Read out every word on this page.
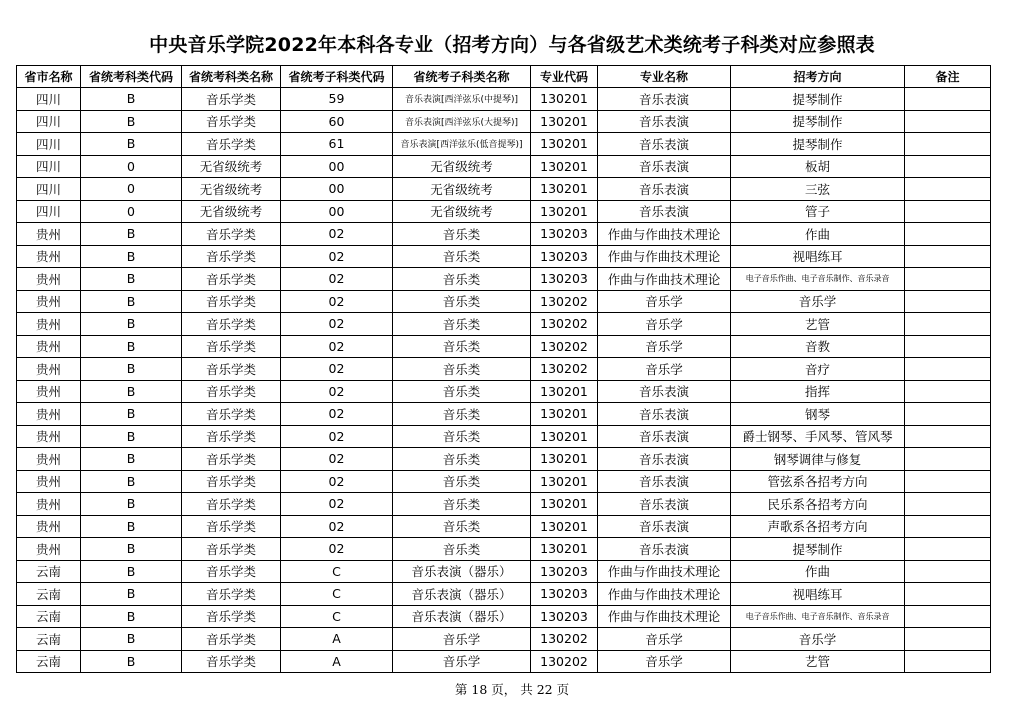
中央音乐学院2022年本科各专业（招考方向）与各省级艺术类统考子科类对应参照表
省市名称	省统考科类代码	省统考科类名称	省统考子科类代码	省统考子科类名称	专业代码	专业名称	招考方向	备注
四川	B	音乐学类	59	音乐表演[西洋弦乐(中提琴)]	130201	音乐表演	提琴制作	
四川	B	音乐学类	60	音乐表演[西洋弦乐(大提琴)]	130201	音乐表演	提琴制作	
四川	B	音乐学类	61	音乐表演[西洋弦乐(低音提琴)]	130201	音乐表演	提琴制作	
四川	0	无省级统考	00	无省级统考	130201	音乐表演	板胡	
四川	0	无省级统考	00	无省级统考	130201	音乐表演	三弦	
四川	0	无省级统考	00	无省级统考	130201	音乐表演	管子	
贵州	B	音乐学类	02	音乐类	130203	作曲与作曲技术理论	作曲	
贵州	B	音乐学类	02	音乐类	130203	作曲与作曲技术理论	视唱练耳	
贵州	B	音乐学类	02	音乐类	130203	作曲与作曲技术理论	电子音乐作曲、电子音乐制作、音乐录音	
贵州	B	音乐学类	02	音乐类	130202	音乐学	音乐学	
贵州	B	音乐学类	02	音乐类	130202	音乐学	艺管	
贵州	B	音乐学类	02	音乐类	130202	音乐学	音教	
贵州	B	音乐学类	02	音乐类	130202	音乐学	音疗	
贵州	B	音乐学类	02	音乐类	130201	音乐表演	指挥	
贵州	B	音乐学类	02	音乐类	130201	音乐表演	钢琴	
贵州	B	音乐学类	02	音乐类	130201	音乐表演	爵士钢琴、手风琴、管风琴	
贵州	B	音乐学类	02	音乐类	130201	音乐表演	钢琴调律与修复	
贵州	B	音乐学类	02	音乐类	130201	音乐表演	管弦系各招考方向	
贵州	B	音乐学类	02	音乐类	130201	音乐表演	民乐系各招考方向	
贵州	B	音乐学类	02	音乐类	130201	音乐表演	声歌系各招考方向	
贵州	B	音乐学类	02	音乐类	130201	音乐表演	提琴制作	
云南	B	音乐学类	C	音乐表演（器乐）	130203	作曲与作曲技术理论	作曲	
云南	B	音乐学类	C	音乐表演（器乐）	130203	作曲与作曲技术理论	视唱练耳	
云南	B	音乐学类	C	音乐表演（器乐）	130203	作曲与作曲技术理论	电子音乐作曲、电子音乐制作、音乐录音	
云南	B	音乐学类	A	音乐学	130202	音乐学	音乐学	
云南	B	音乐学类	A	音乐学	130202	音乐学	艺管	
第 18 页， 共 22 页
